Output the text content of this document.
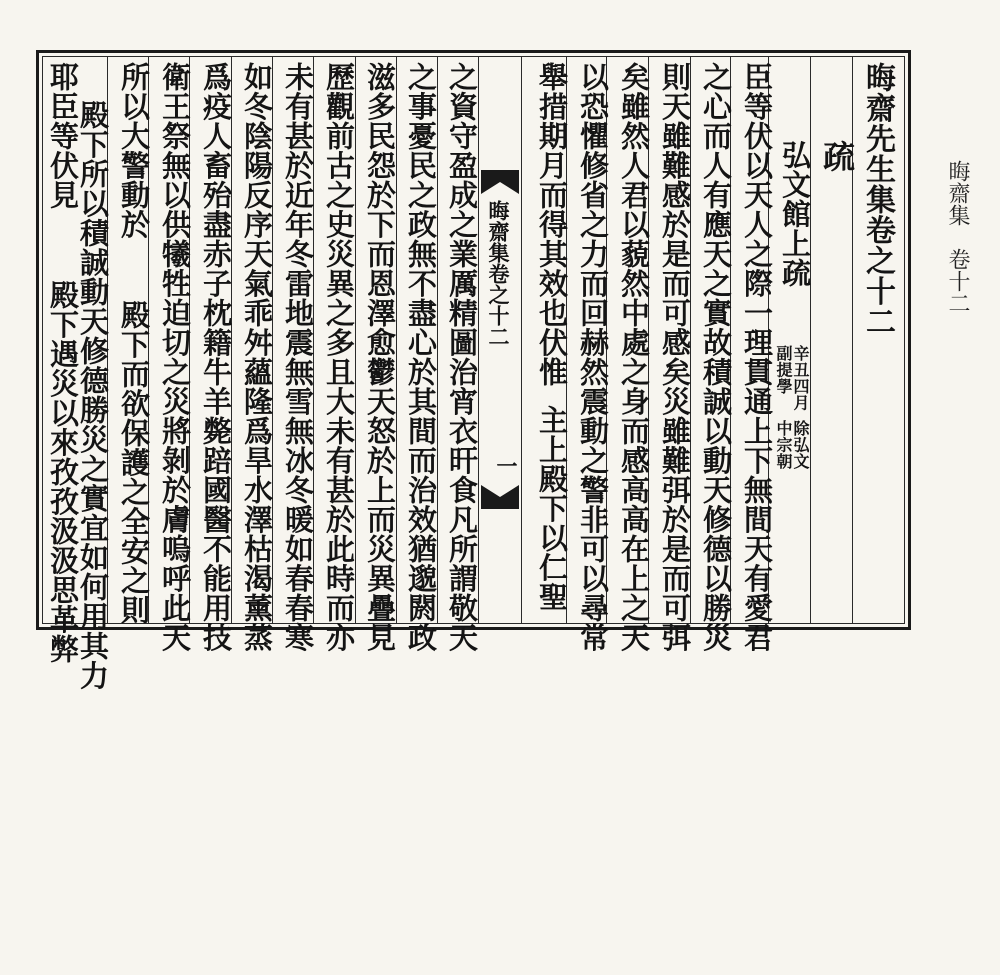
晦齋集　卷十二
晦齋先生集卷之十二
疏
弘文館上疏
辛丑四月
副提學
除弘文
中宗朝
臣等伏以天人之際一理貫通上下無間天有愛君
之心而人有應天之實故積誠以動天修德以勝災
則天雖難感於是而可感矣災雖難弭於是而可弭
矣雖然人君以藐然中處之身而感高高在上之天
以恐懼修省之力而回赫然震動之警非可以尋常
舉措期月而得其效也伏惟
主上殿下以仁聖
晦齋集卷之十二
一
之資守盈成之業厲精圖治宵衣旰食凡所謂敬天
之事憂民之政無不盡心於其間而治效猶邈閼政
滋多民怨於下而恩澤愈鬱天怒於上而災異疊見
歷觀前古之史災異之多且大未有甚於此時而亦
未有甚於近年冬雷地震無雪無冰冬暖如春春寒
如冬陰陽反序天氣乖舛蘊隆爲旱水澤枯渴薰蒸
爲疫人畜殆盡赤子枕籍牛羊斃踣國醫不能用技
衛王祭無以供犧牲迫切之災將剝於膚嗚呼此天
所以大警動於
殿下而欲保護之全安之則
殿下所以積誠動天修德勝災之實宜如何用其力
耶臣等伏見
殿下遇災以來孜孜汲汲思革弊
